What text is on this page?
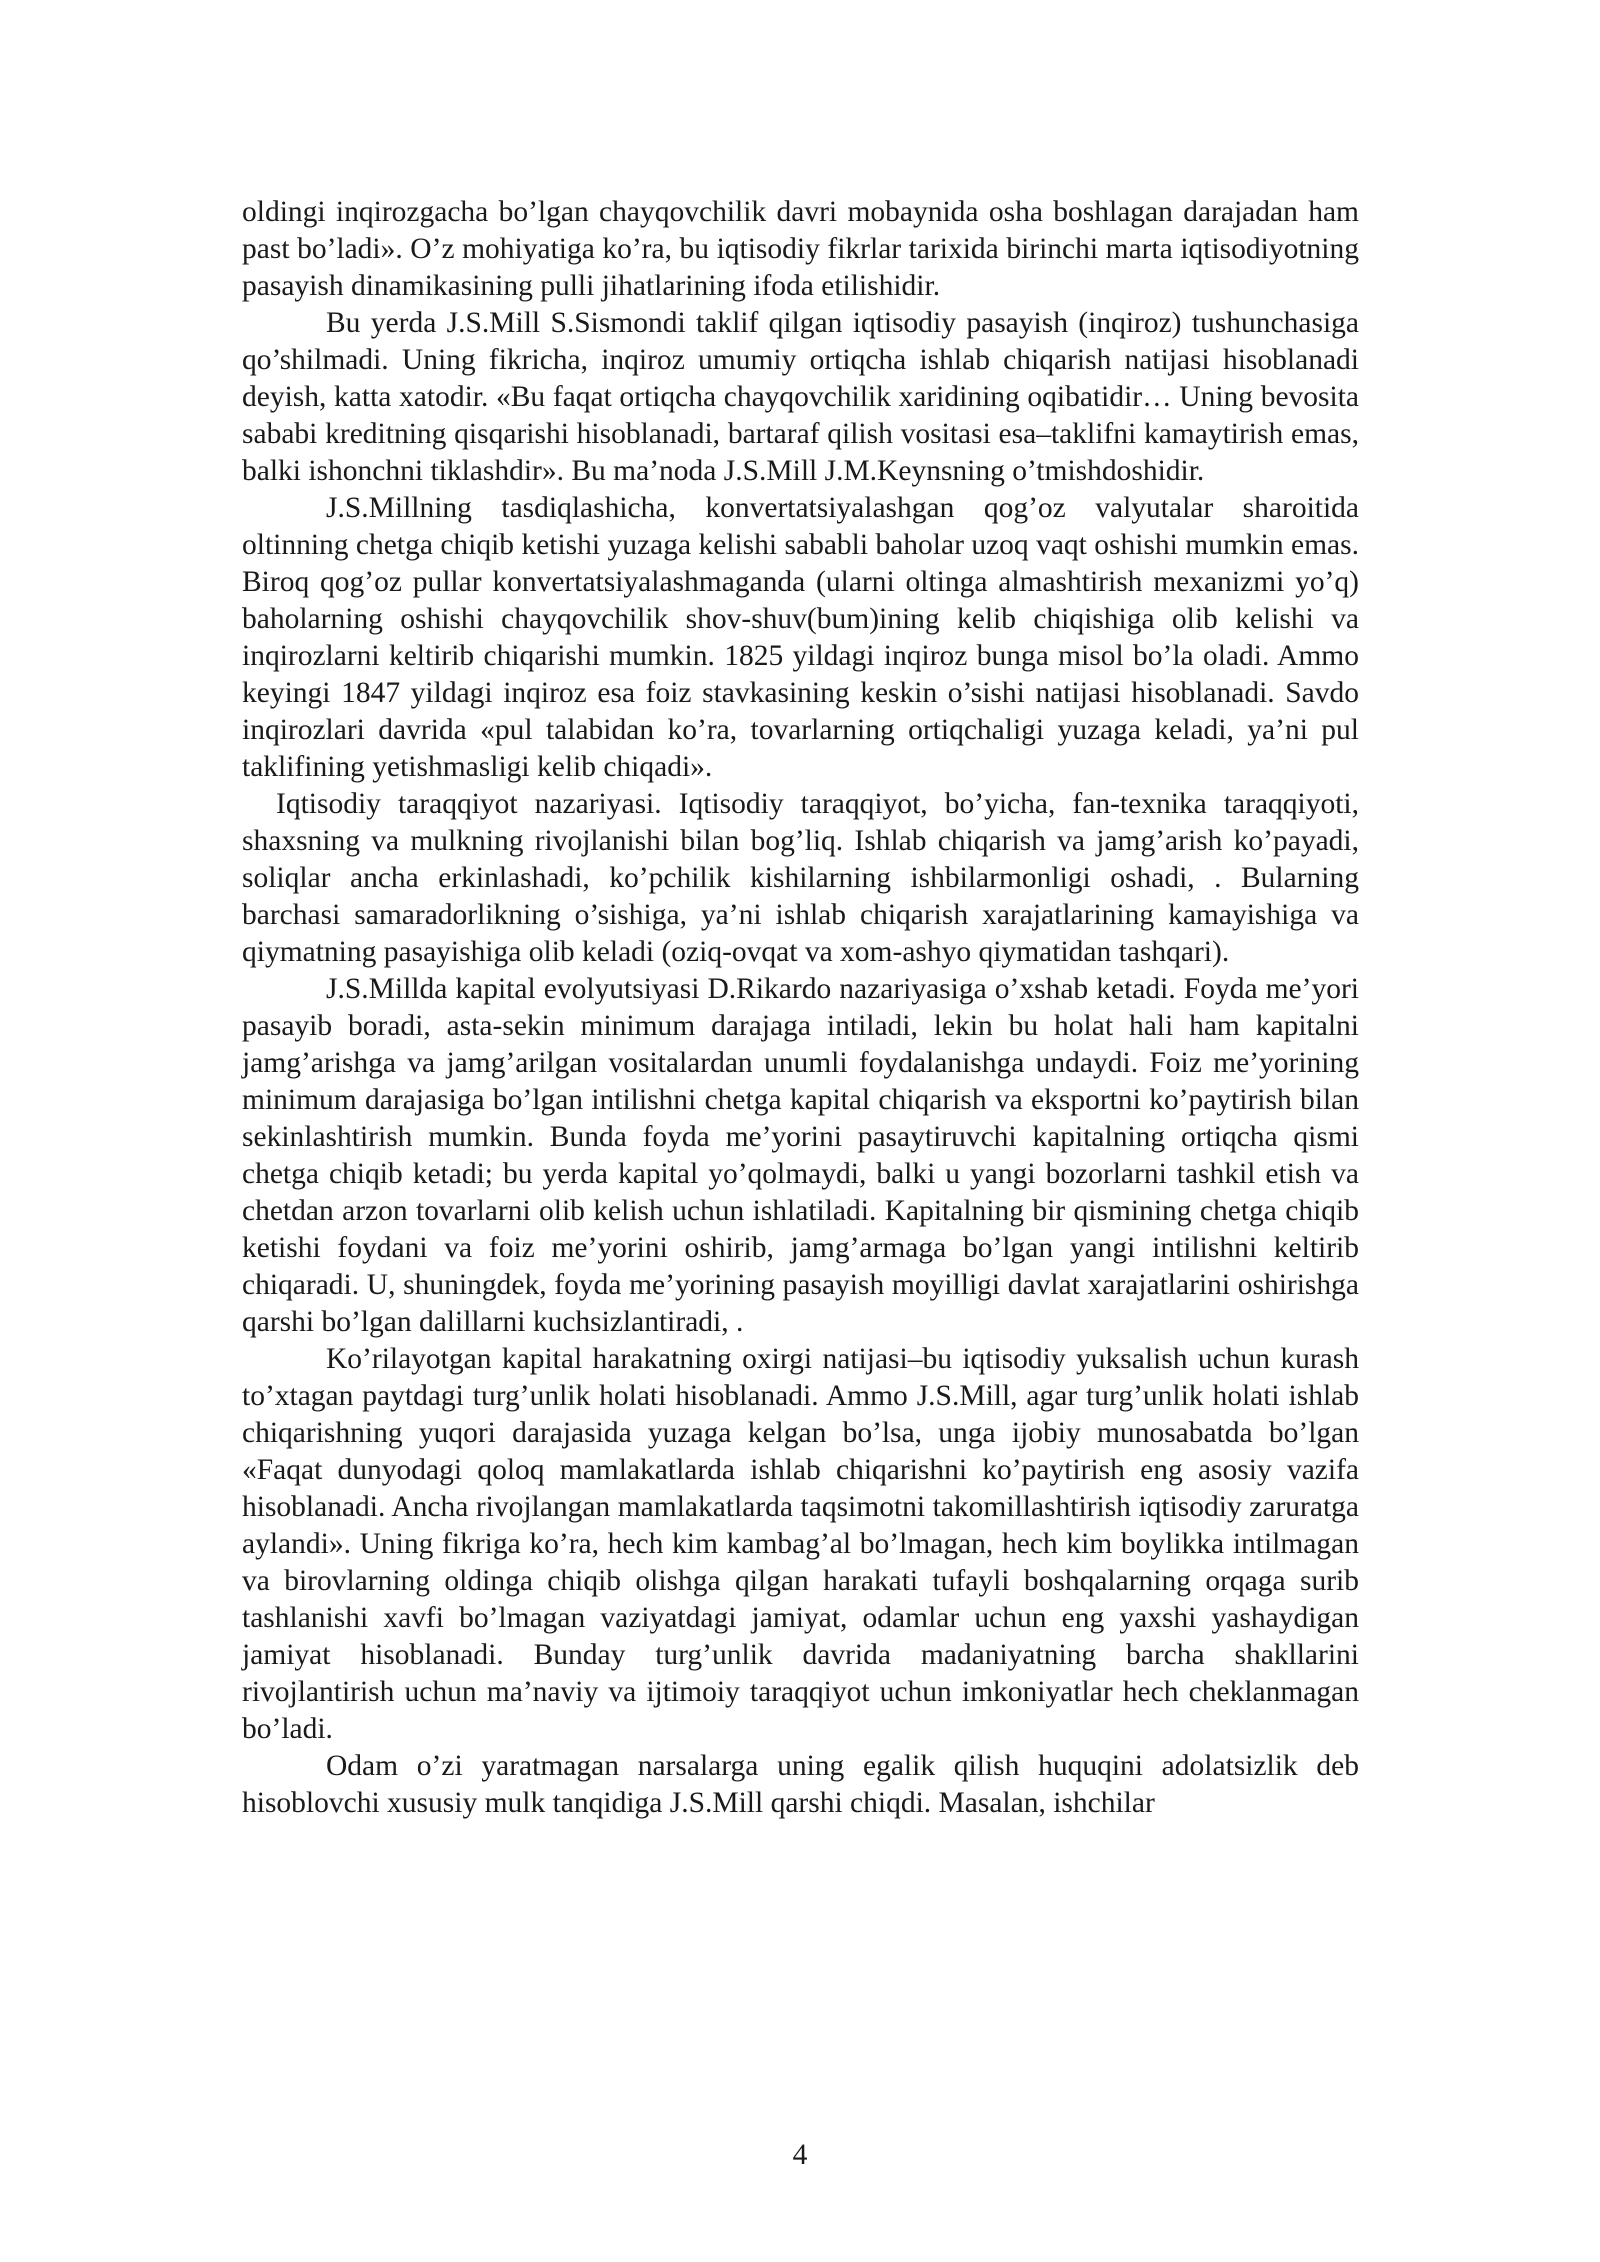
oldingi inqirozgacha bo’lgan chayqovchilik davri mobaynida osha boshlagan darajadan ham past bo’ladi». O’z mohiyatiga ko’ra, bu iqtisodiy fikrlar tarixida birinchi marta iqtisodiyotning pasayish dinamikasining pulli jihatlarining ifoda etilishidir.

Bu yerda J.S.Mill S.Sismondi taklif qilgan iqtisodiy pasayish (inqiroz) tushunchasiga qo’shilmadi. Uning fikricha, inqiroz umumiy ortiqcha ishlab chiqarish natijasi hisoblanadi deyish, katta xatodir. «Bu faqat ortiqcha chayqovchilik xaridining oqibatidir… Uning bevosita sababi kreditning qisqarishi hisoblanadi, bartaraf qilish vositasi esa–taklifni kamaytirish emas, balki ishonchni tiklashdir». Bu ma’noda J.S.Mill J.M.Keynsning o’tmishdoshidir.

J.S.Millning tasdiqlashicha, konvertatsiyalashgan qog’oz valyutalar sharoitida oltinning chetga chiqib ketishi yuzaga kelishi sababli baholar uzoq vaqt oshishi mumkin emas. Biroq qog’oz pullar konvertatsiyalashmaganda (ularni oltinga almashtirish mexanizmi yo’q) baholarning oshishi chayqovchilik shov-shuv(bum)ining kelib chiqishiga olib kelishi va inqirozlarni keltirib chiqarishi mumkin. 1825 yildagi inqiroz bunga misol bo’la oladi. Ammo keyingi 1847 yildagi inqiroz esa foiz stavkasining keskin o’sishi natijasi hisoblanadi. Savdo inqirozlari davrida «pul talabidan ko’ra, tovarlarning ortiqchaligi yuzaga keladi, ya’ni pul taklifining yetishmasligi kelib chiqadi».

Iqtisodiy taraqqiyot nazariyasi. Iqtisodiy taraqqiyot, bo’yicha, fan-texnika taraqqiyoti, shaxsning va mulkning rivojlanishi bilan bog’liq. Ishlab chiqarish va jamg’arish ko’payadi, soliqlar ancha erkinlashadi, ko’pchilik kishilarning ishbilarmonligi oshadi, . Bularning barchasi samaradorlikning o’sishiga, ya’ni ishlab chiqarish xarajatlarining kamayishiga va qiymatning pasayishiga olib keladi (oziq-ovqat va xom-ashyo qiymatidan tashqari).

J.S.Millda kapital evolyutsiyasi D.Rikardo nazariyasiga o’xshab ketadi. Foyda me’yori pasayib boradi, asta-sekin minimum darajaga intiladi, lekin bu holat hali ham kapitalni jamg’arishga va jamg’arilgan vositalardan unumli foydalanishga undaydi. Foiz me’yorining minimum darajasiga bo’lgan intilishni chetga kapital chiqarish va eksportni ko’paytirish bilan sekinlashtirish mumkin. Bunda foyda me’yorini pasaytiruvchi kapitalning ortiqcha qismi chetga chiqib ketadi; bu yerda kapital yo’qolmaydi, balki u yangi bozorlarni tashkil etish va chetdan arzon tovarlarni olib kelish uchun ishlatiladi. Kapitalning bir qismining chetga chiqib ketishi foydani va foiz me’yorini oshirib, jamg’armaga bo’lgan yangi intilishni keltirib chiqaradi. U, shuningdek, foyda me’yorining pasayish moyilligi davlat xarajatlarini oshirishga qarshi bo’lgan dalillarni kuchsizlantiradi, .

Ko’rilayotgan kapital harakatning oxirgi natijasi–bu iqtisodiy yuksalish uchun kurash to’xtagan paytdagi turg’unlik holati hisoblanadi. Ammo J.S.Mill, agar turg’unlik holati ishlab chiqarishning yuqori darajasida yuzaga kelgan bo’lsa, unga ijobiy munosabatda bo’lgan «Faqat dunyodagi qoloq mamlakatlarda ishlab chiqarishni ko’paytirish eng asosiy vazifa hisoblanadi. Ancha rivojlangan mamlakatlarda taqsimotni takomillashtirish iqtisodiy zaruratga aylandi». Uning fikriga ko’ra, hech kim kambag’al bo’lmagan, hech kim boylikka intilmagan va birovlarning oldinga chiqib olishga qilgan harakati tufayli boshqalarning orqaga surib tashlanishi xavfi bo’lmagan vaziyatdagi jamiyat, odamlar uchun eng yaxshi yashaydigan jamiyat hisoblanadi. Bunday turg’unlik davrida madaniyatning barcha shakllarini rivojlantirish uchun ma’naviy va ijtimoiy taraqqiyot uchun imkoniyatlar hech cheklanmagan bo’ladi.

Odam o’zi yaratmagan narsalarga uning egalik qilish huquqini adolatsizlik deb hisoblovchi xususiy mulk tanqidiga J.S.Mill qarshi chiqdi. Masalan, ishchilar

4
